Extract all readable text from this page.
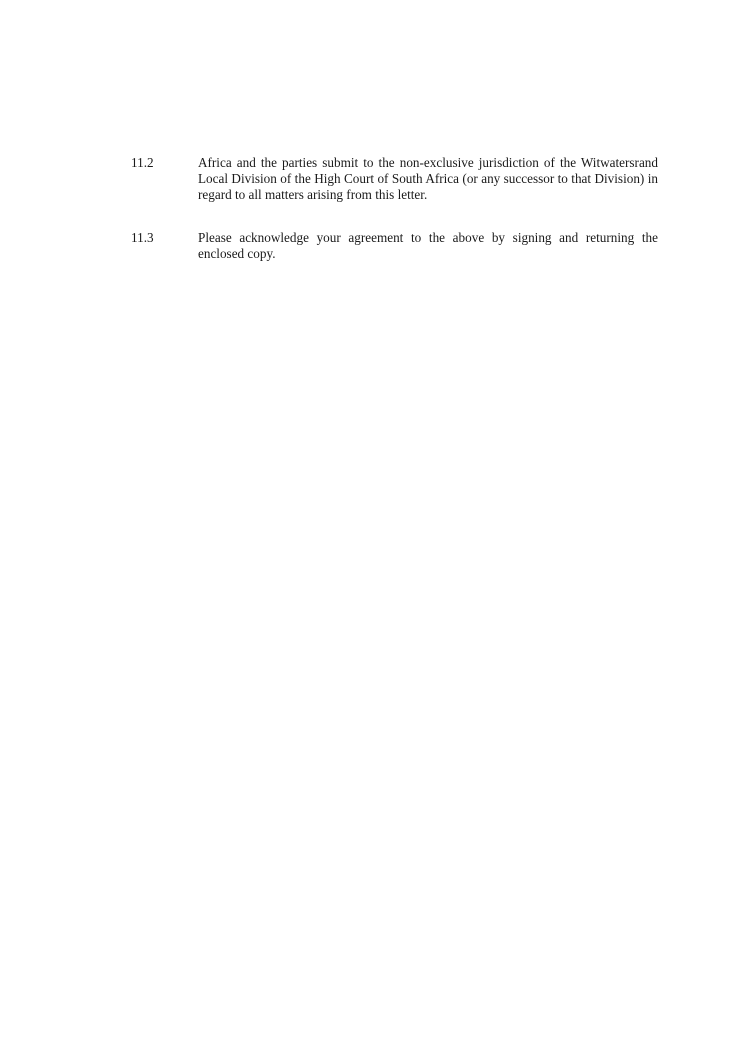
11.2	Africa and the parties submit to the non-exclusive jurisdiction of the Witwatersrand Local Division of the High Court of South Africa (or any successor to that Division) in regard to all matters arising from this letter.
11.3	Please acknowledge your agreement to the above by signing and returning the enclosed copy.
